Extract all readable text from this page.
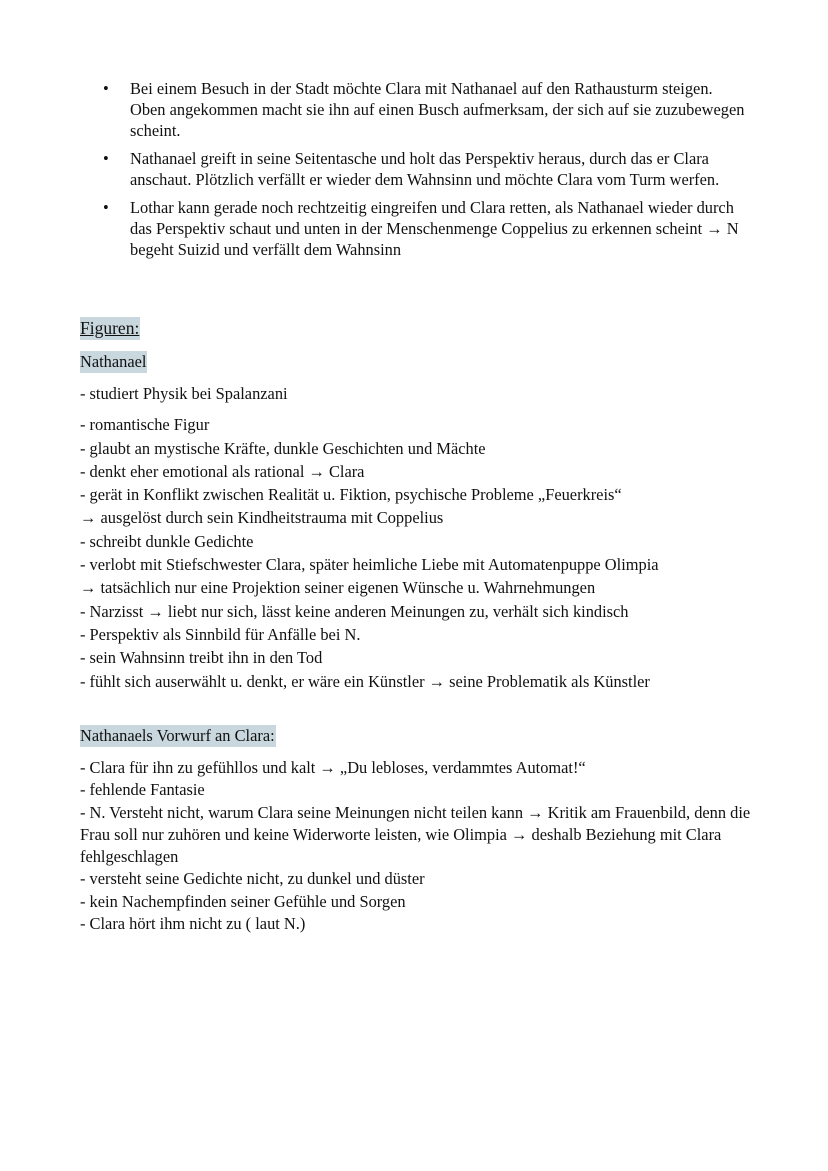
•	Bei einem Besuch in der Stadt möchte Clara mit Nathanael auf den Rathausturm steigen. Oben angekommen macht sie ihn auf einen Busch aufmerksam, der sich auf sie zuzubewegen scheint.
•	Nathanael greift in seine Seitentasche und holt das Perspektiv heraus, durch das er Clara anschaut. Plötzlich verfällt er wieder dem Wahnsinn und möchte Clara vom Turm werfen.
•	Lothar kann gerade noch rechtzeitig eingreifen und Clara retten, als Nathanael wieder durch das Perspektiv schaut und unten in der Menschenmenge Coppelius zu erkennen scheint → N begeht Suizid und verfällt dem Wahnsinn
Figuren:
Nathanael
- studiert Physik bei Spalanzani
- romantische Figur
- glaubt an mystische Kräfte, dunkle Geschichten und Mächte
- denkt eher emotional als rational → Clara
- gerät in Konflikt zwischen Realität u. Fiktion, psychische Probleme „Feuerkreis“
→ ausgelöst durch sein Kindheitstrauma mit Coppelius
- schreibt dunkle Gedichte
- verlobt mit Stiefschwester Clara, später heimliche Liebe mit Automatenpuppe Olimpia
→ tatsächlich nur eine Projektion seiner eigenen Wünsche u. Wahrnehmungen
- Narzisst → liebt nur sich, lässt keine anderen Meinungen zu, verhält sich kindisch
- Perspektiv als Sinnbild für Anfälle bei N.
- sein Wahnsinn treibt ihn in den Tod
- fühlt sich auserwählt u. denkt, er wäre ein Künstler → seine Problematik als Künstler
Nathanaels Vorwurf an Clara:
- Clara für ihn zu gefühllos und kalt → „Du lebloses, verdammtes Automat!“
- fehlende Fantasie
- N. Versteht nicht, warum Clara seine Meinungen nicht teilen kann → Kritik am Frauenbild, denn die Frau soll nur zuhören und keine Widerworte leisten, wie Olimpia → deshalb Beziehung mit Clara fehlgeschlagen
- versteht seine Gedichte nicht, zu dunkel und düster
- kein Nachempfinden seiner Gefühle und Sorgen
- Clara hört ihm nicht zu ( laut N.)
